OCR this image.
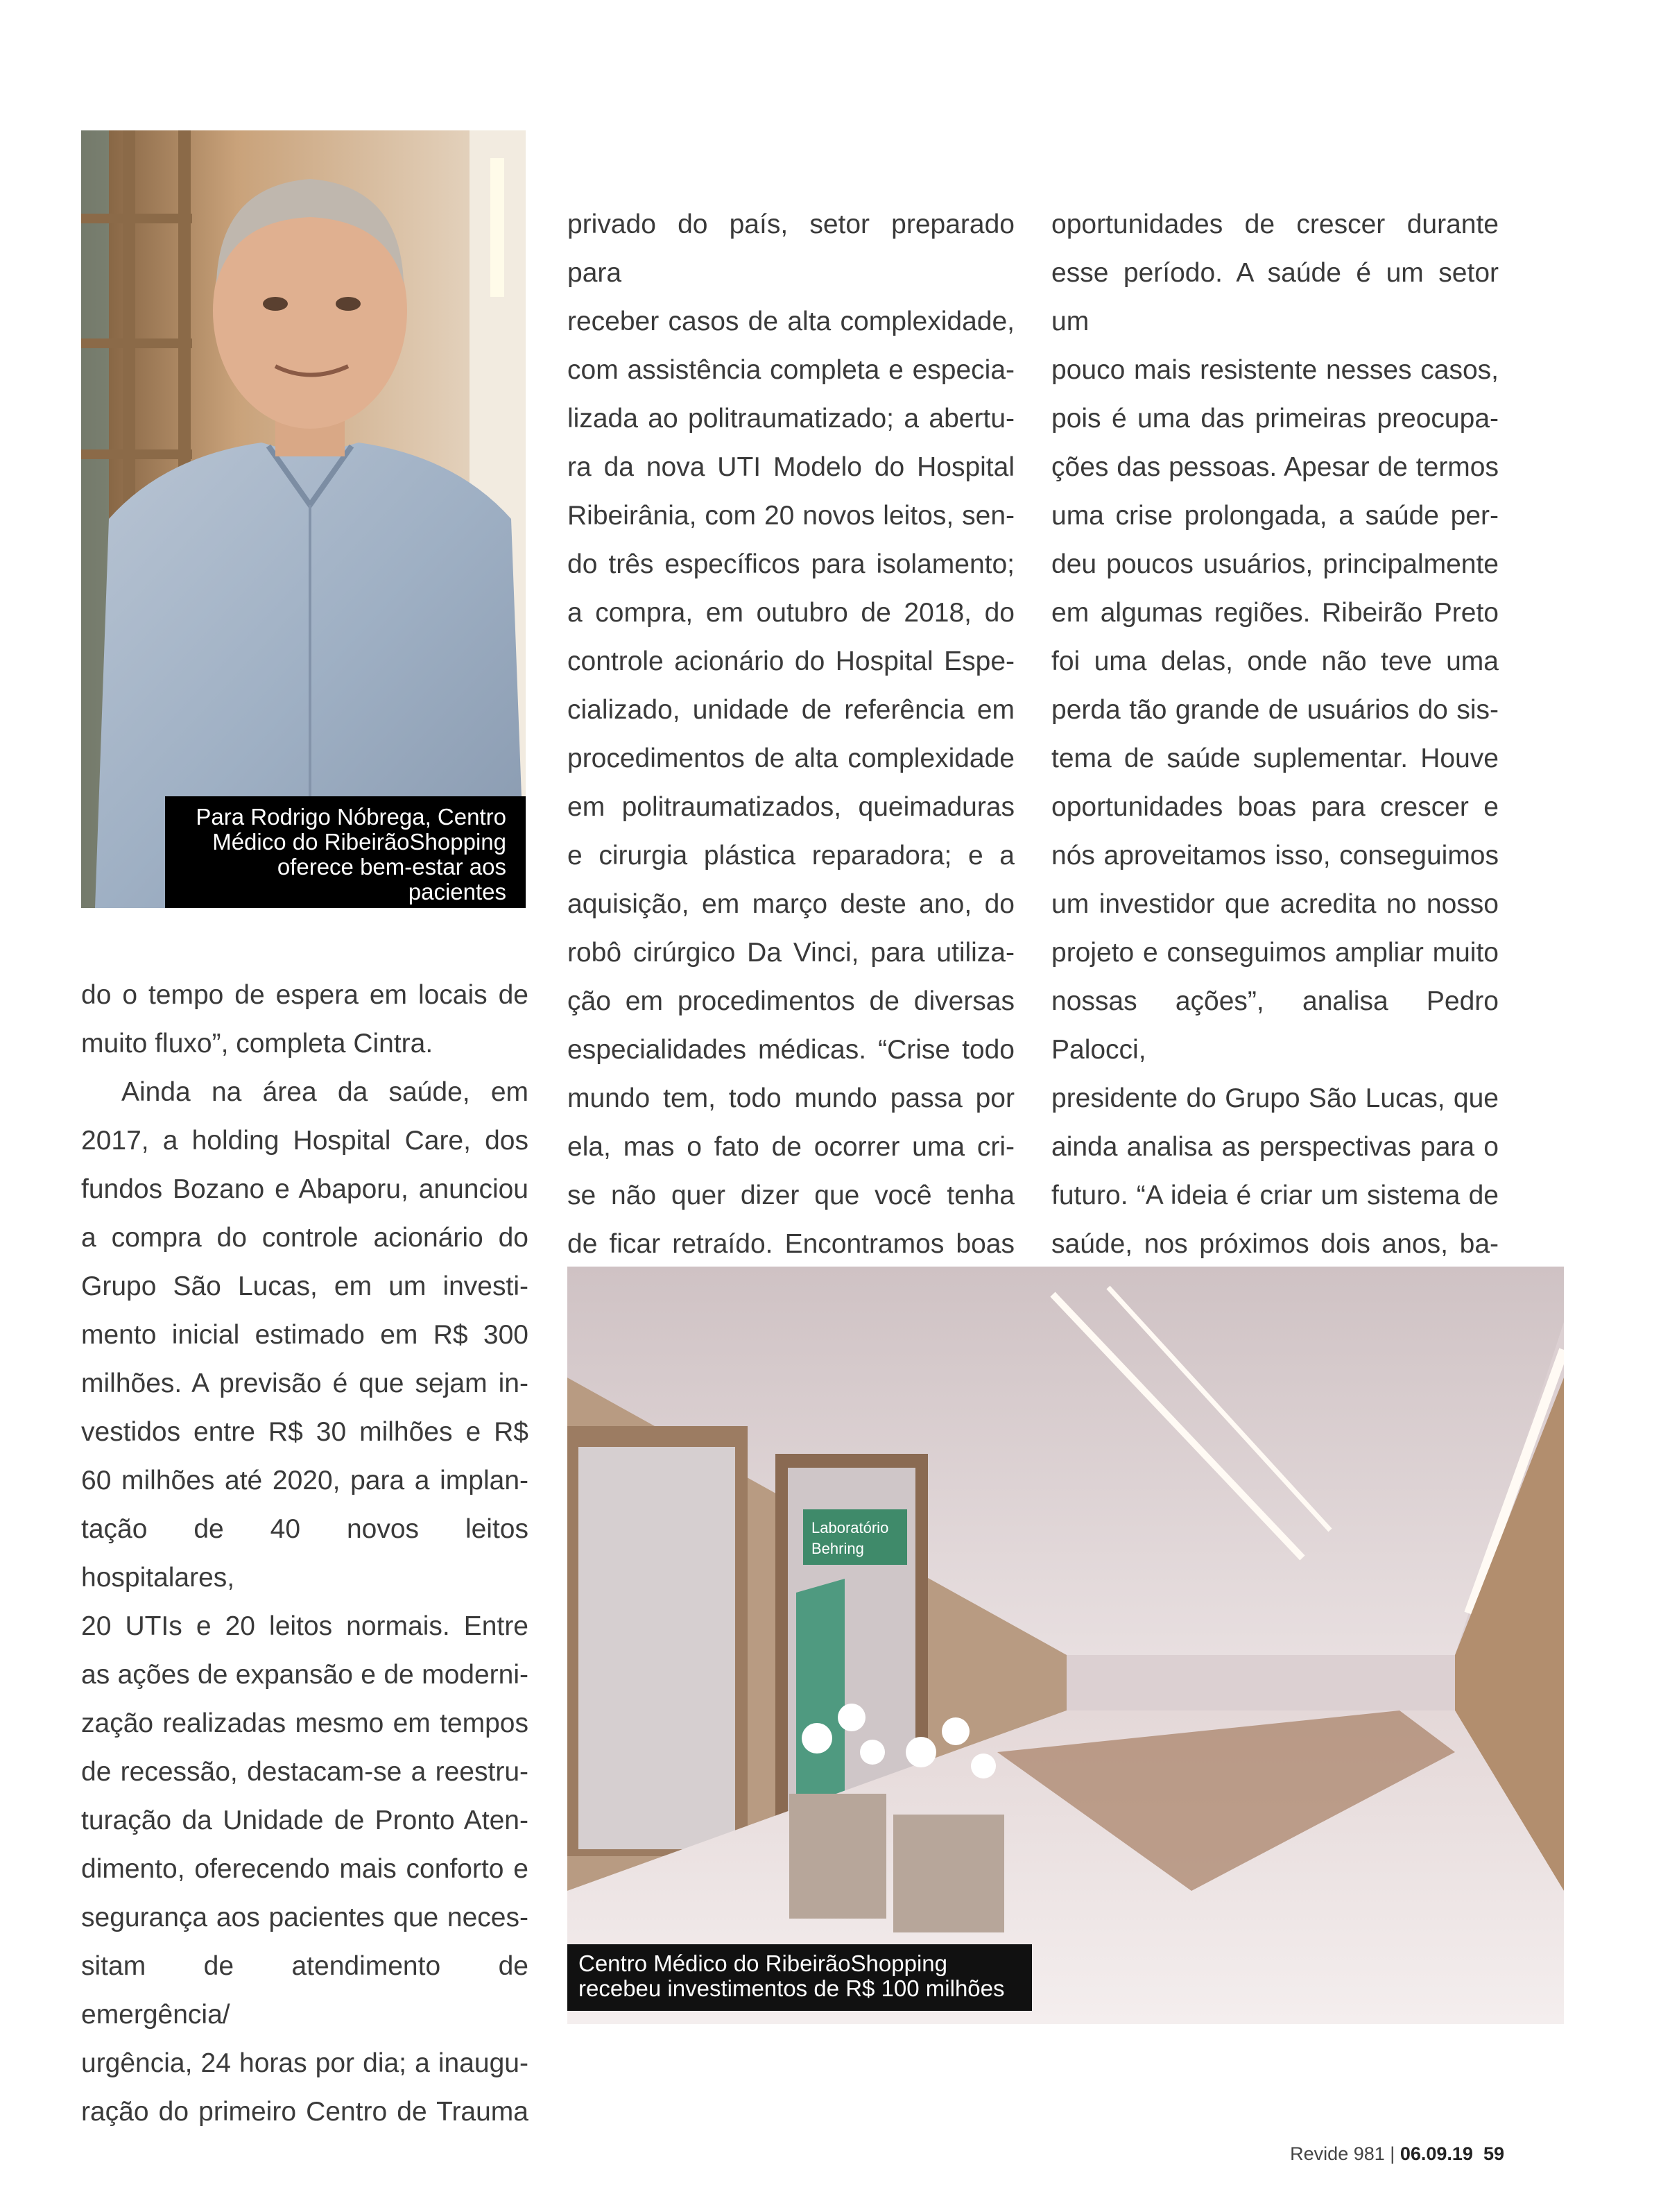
Para Rodrigo Nóbrega, Centro
Médico do RibeirãoShopping
oferece bem-estar aos pacientes

do o tempo de espera em locais de
muito fluxo”, completa Cintra.

Ainda na área da saúde, em
2017, a holding Hospital Care, dos
fundos Bozano e Abaporu, anunciou
a compra do controle acionário do
Grupo São Lucas, em um investi-
mento inicial estimado em R$ 300
milhões. A previsão é que sejam in-
vestidos entre R$ 30 milhões e R$
60 milhões até 2020, para a implan-
tação de 40 novos leitos hospitalares,
20 UTIs e 20 leitos normais. Entre
as ações de expansão e de moderni-
zação realizadas mesmo em tempos
de recessão, destacam-se a reestru-
turação da Unidade de Pronto Aten-
dimento, oferecendo mais conforto e
segurança aos pacientes que neces-
sitam de atendimento de emergência/
urgência, 24 horas por dia; a inaugu-
ração do primeiro Centro de Trauma

privado do país, setor preparado para
receber casos de alta complexidade,
com assistência completa e especia-
lizada ao politraumatizado; a abertu-
ra da nova UTI Modelo do Hospital
Ribeirânia, com 20 novos leitos, sen-
do três específicos para isolamento;
a compra, em outubro de 2018, do
controle acionário do Hospital Espe-
cializado, unidade de referência em
procedimentos de alta complexidade
em politraumatizados, queimaduras
e cirurgia plástica reparadora; e a
aquisição, em março deste ano, do
robô cirúrgico Da Vinci, para utiliza-
ção em procedimentos de diversas
especialidades médicas. “Crise todo
mundo tem, todo mundo passa por
ela, mas o fato de ocorrer uma cri-
se não quer dizer que você tenha
de ficar retraído. Encontramos boas
oportunidades de crescer durante
esse período. A saúde é um setor um
pouco mais resistente nesses casos,
pois é uma das primeiras preocupa-
ções das pessoas. Apesar de termos
uma crise prolongada, a saúde per-
deu poucos usuários, principalmente
em algumas regiões. Ribeirão Preto
foi uma delas, onde não teve uma
perda tão grande de usuários do sis-
tema de saúde suplementar. Houve
oportunidades boas para crescer e
nós aproveitamos isso, conseguimos
um investidor que acredita no nosso
projeto e conseguimos ampliar muito
nossas ações”, analisa Pedro Palocci,
presidente do Grupo São Lucas, que
ainda analisa as perspectivas para o
futuro. “A ideia é criar um sistema de
saúde, nos próximos dois anos, ba-
Laboratório
Behring
Centro Médico do RibeirãoShopping
recebeu investimentos de R$ 100 milhões
Revide 981 | 06.09.19 59
